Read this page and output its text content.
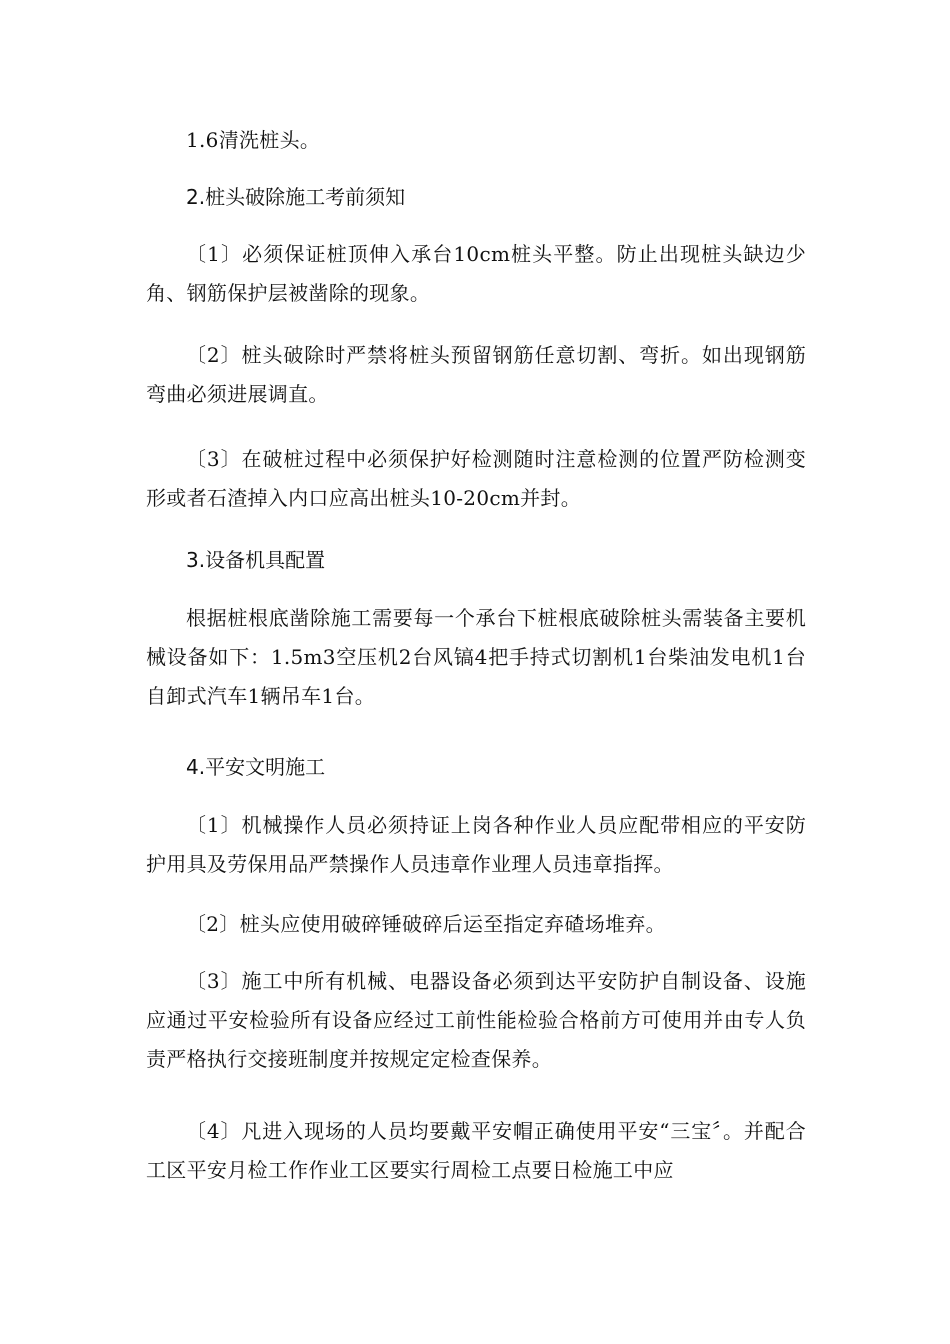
1.6清洗桩头。

2.桩头破除施工考前须知

〔1〕必须保证桩顶伸入承台10cm桩头平整。防止出现桩头缺边少角、钢筋保护层被凿除的现象。

〔2〕桩头破除时严禁将桩头预留钢筋任意切割、弯折。如出现钢筋弯曲必须进展调直。

〔3〕在破桩过程中必须保护好检测随时注意检测的位置严防检测变形或者石渣掉入内口应高出桩头10-20cm并封。

3.设备机具配置

根据桩根底凿除施工需要每一个承台下桩根底破除桩头需装备主要机械设备如下：1.5m3空压机2台风镐4把手持式切割机1台柴油发电机1台自卸式汽车1辆吊车1台。

4.平安文明施工

〔1〕机械操作人员必须持证上岗各种作业人员应配带相应的平安防护用具及劳保用品严禁操作人员违章作业理人员违章指挥。

〔2〕桩头应使用破碎锤破碎后运至指定弃碴场堆弃。

〔3〕施工中所有机械、电器设备必须到达平安防护自制设备、设施应通过平安检验所有设备应经过工前性能检验合格前方可使用并由专人负责严格执行交接班制度并按规定定检查保养。

〔4〕凡进入现场的人员均要戴平安帽正确使用平安“三宝〞。并配合工区平安月检工作作业工区要实行周检工点要日检施工中应
